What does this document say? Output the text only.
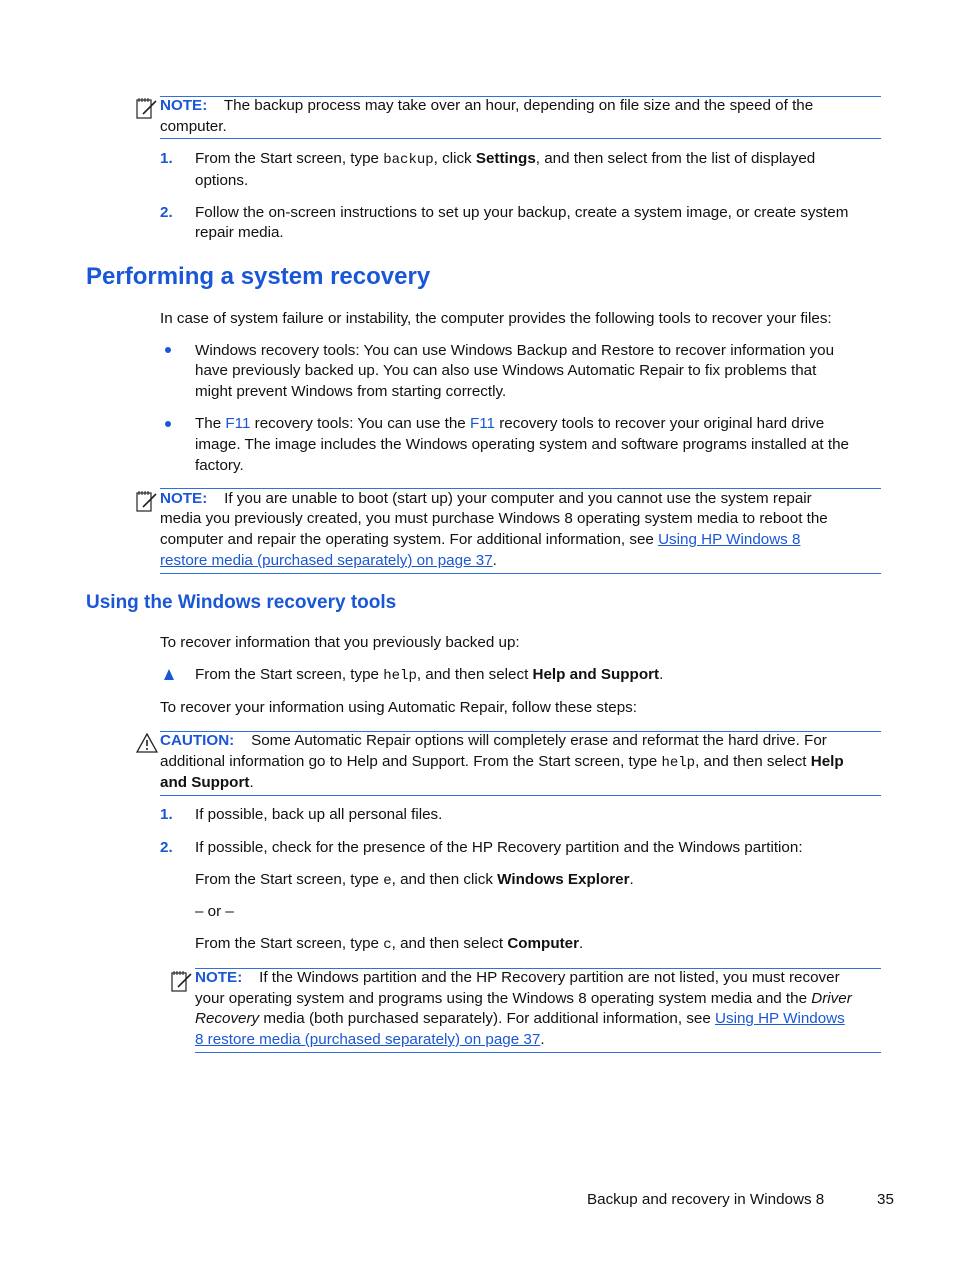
NOTE: The backup process may take over an hour, depending on file size and the speed of the
computer.
1. From the Start screen, type backup, click Settings, and then select from the list of displayed
options.
2. Follow the on-screen instructions to set up your backup, create a system image, or create system
repair media.
Performing a system recovery
In case of system failure or instability, the computer provides the following tools to recover your files:
Windows recovery tools: You can use Windows Backup and Restore to recover information you
have previously backed up. You can also use Windows Automatic Repair to fix problems that
might prevent Windows from starting correctly.
The F11 recovery tools: You can use the F11 recovery tools to recover your original hard drive
image. The image includes the Windows operating system and software programs installed at the
factory.
NOTE: If you are unable to boot (start up) your computer and you cannot use the system repair
media you previously created, you must purchase Windows 8 operating system media to reboot the
computer and repair the operating system. For additional information, see Using HP Windows 8
restore media (purchased separately) on page 37.
Using the Windows recovery tools
To recover information that you previously backed up:
From the Start screen, type help, and then select Help and Support.
To recover your information using Automatic Repair, follow these steps:
CAUTION: Some Automatic Repair options will completely erase and reformat the hard drive. For
additional information go to Help and Support. From the Start screen, type help, and then select Help
and Support.
1. If possible, back up all personal files.
2. If possible, check for the presence of the HP Recovery partition and the Windows partition:
From the Start screen, type e, and then click Windows Explorer.
– or –
From the Start screen, type c, and then select Computer.
NOTE: If the Windows partition and the HP Recovery partition are not listed, you must recover
your operating system and programs using the Windows 8 operating system media and the Driver
Recovery media (both purchased separately). For additional information, see Using HP Windows
8 restore media (purchased separately) on page 37.
Backup and recovery in Windows 8	35
